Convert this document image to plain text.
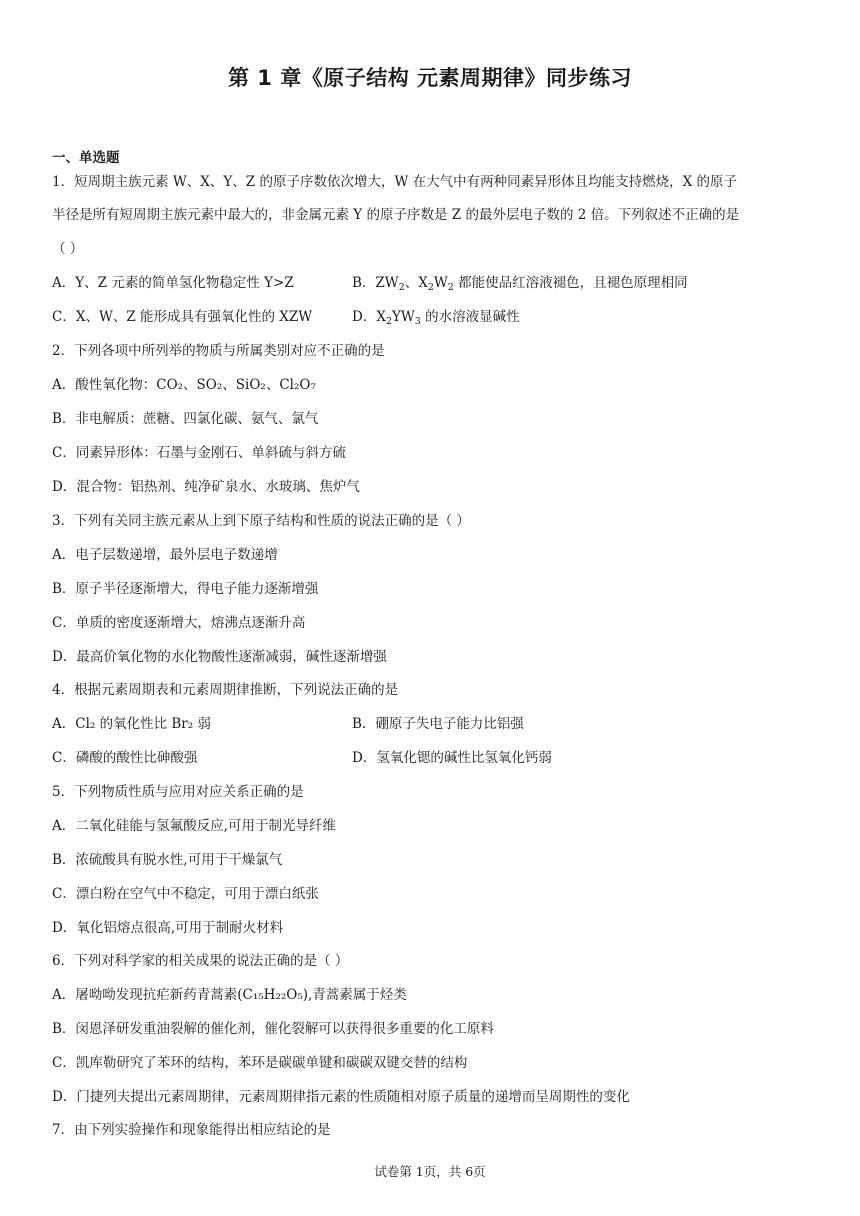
第 1 章《原子结构 元素周期律》同步练习
一、单选题
1．短周期主族元素 W、X、Y、Z 的原子序数依次增大，W 在大气中有两种同素异形体且均能支持燃烧，X 的原子
半径是所有短周期主族元素中最大的，非金属元素 Y 的原子序数是 Z 的最外层电子数的 2 倍。下列叙述不正确的是
（ ）
A．Y、Z 元素的简单氢化物稳定性 Y>Z	B．$ZW_2$、$X_2W_2$ 都能使品红溶液褪色，且褪色原理相同
C．X、W、Z 能形成具有强氧化性的 XZW	D．$X_2YW_3$ 的水溶液显碱性
2．下列各项中所列举的物质与所属类别对应不正确的是
A．酸性氧化物：CO₂、SO₂、SiO₂、Cl₂O₇
B．非电解质：蔗糖、四氯化碳、氨气、氯气
C．同素异形体：石墨与金刚石、单斜硫与斜方硫
D．混合物：铝热剂、纯净矿泉水、水玻璃、焦炉气
3．下列有关同主族元素从上到下原子结构和性质的说法正确的是（ ）
A．电子层数递增，最外层电子数递增
B．原子半径逐渐增大，得电子能力逐渐增强
C．单质的密度逐渐增大，熔沸点逐渐升高
D．最高价氧化物的水化物酸性逐渐减弱，碱性逐渐增强
4．根据元素周期表和元素周期律推断，下列说法正确的是
A．Cl₂ 的氧化性比 Br₂ 弱	B．硼原子失电子能力比铝强
C．磷酸的酸性比砷酸强	D．氢氧化锶的碱性比氢氧化钙弱
5．下列物质性质与应用对应关系正确的是
A．二氧化硅能与氢氟酸反应,可用于制光导纤维
B．浓硫酸具有脱水性,可用于干燥氯气
C．漂白粉在空气中不稳定，可用于漂白纸张
D．氧化铝熔点很高,可用于制耐火材料
6．下列对科学家的相关成果的说法正确的是（ ）
A．屠呦呦发现抗疟新药青蒿素(C₁₅H₂₂O₅),青蒿素属于烃类
B．闵恩泽研发重油裂解的催化剂，催化裂解可以获得很多重要的化工原料
C．凯库勒研究了苯环的结构，苯环是碳碳单键和碳碳双键交替的结构
D．门捷列夫提出元素周期律，元素周期律指元素的性质随相对原子质量的递增而呈周期性的变化
7．由下列实验操作和现象能得出相应结论的是
试卷第 1页，共 6页
